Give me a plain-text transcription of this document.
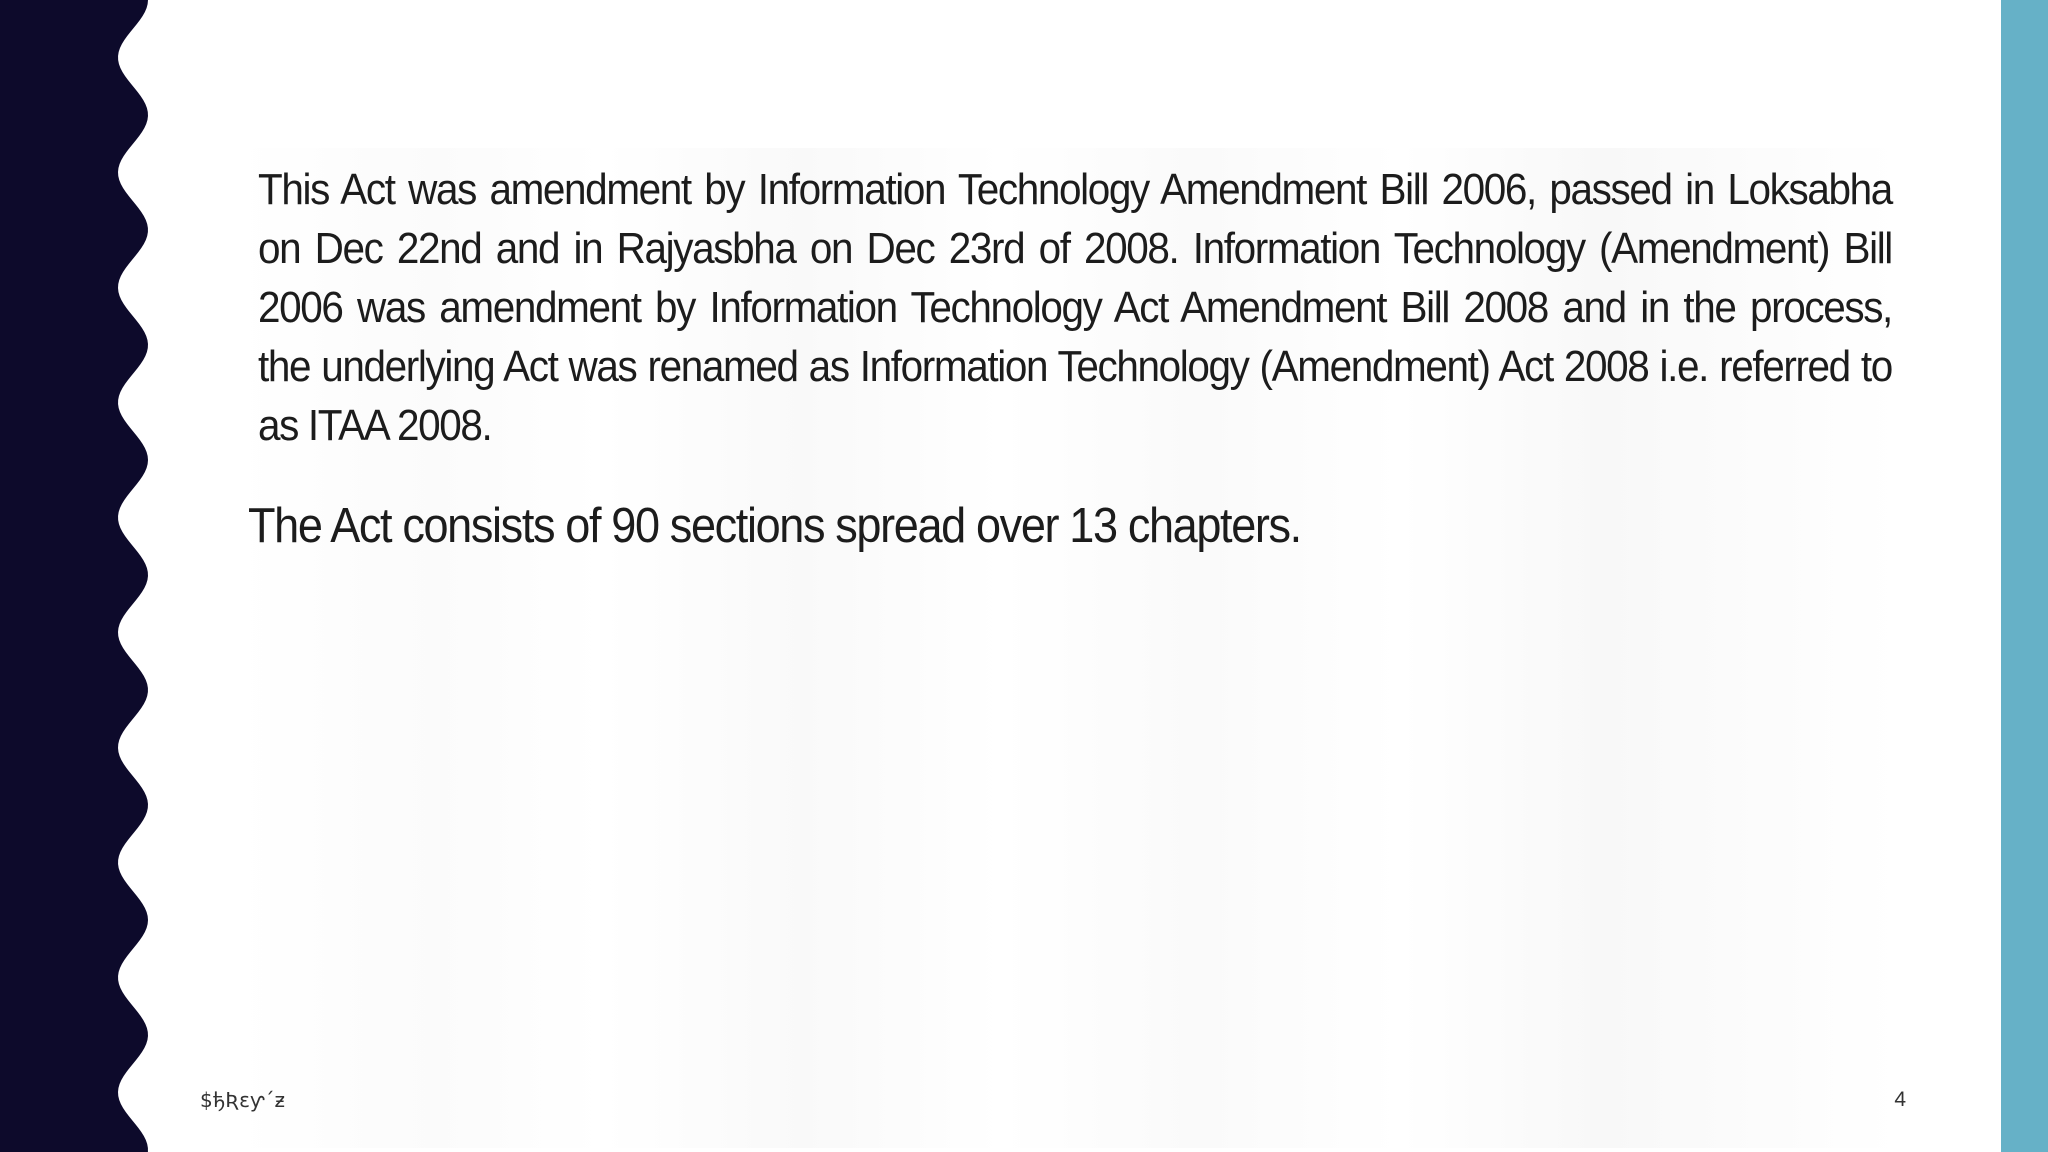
This Act was amendment by Information Technology Amendment Bill 2006, passed in Loksabha on Dec 22nd and in Rajyasbha on Dec 23rd of 2008. Information Technology (Amendment) Bill 2006 was amendment by Information Technology Act Amendment Bill 2008 and in the process, the underlying Act was renamed as Information Technology (Amendment) Act 2008 i.e. referred to as ITAA 2008.
The Act consists of 90 sections spread over 13 chapters.
$ђƦɛƴ´ƶ	4
